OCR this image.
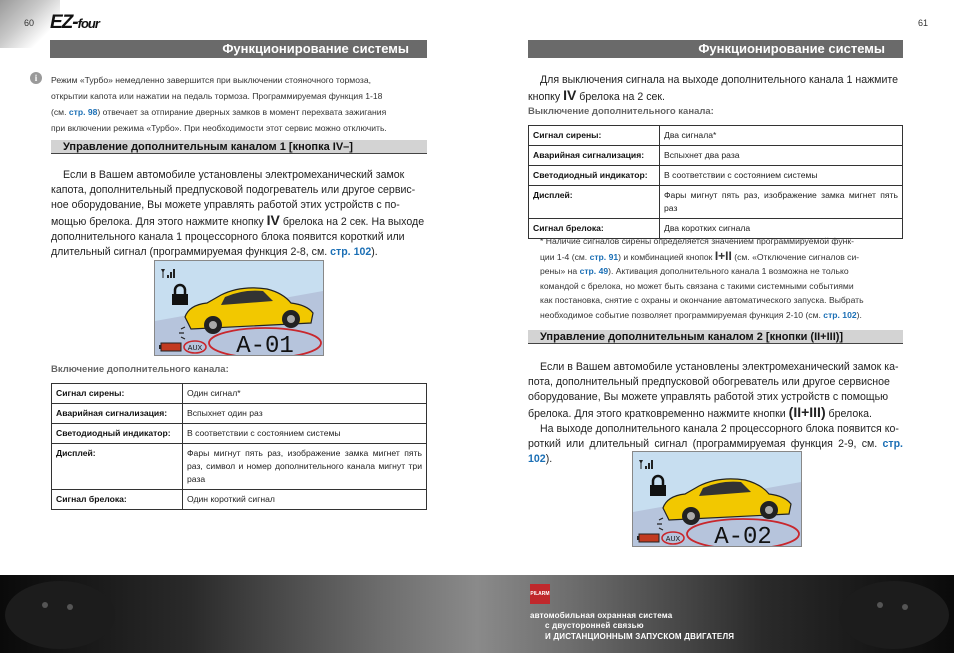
60 EZ-four
Функционирование системы
i	Режим «Турбо» немедленно завершится при выключении стояночного тормоза,
открытии капота или нажатии на педаль тормоза. Программируемая функция 1-18
(см. стр. 98) отвечает за отпирание дверных замков в момент перехвата зажигания
при включении режима «Турбо». При необходимости этот сервис можно отключить.
Управление дополнительным каналом 1 [кнопка IV–]
Если в Вашем автомобиле установлены электромеханический замок
капота, дополнительный предпусковой подогреватель или другое сервис-
ное оборудование, Вы можете управлять работой этих устройств с по-
мощью брелока. Для этого нажмите кнопку IV брелока на 2 сек. На выходе
дополнительного канала 1 процессорного блока появится короткий или
длительный сигнал (программируемая функция 2-8, см. стр. 102).
AUX A-01
Включение дополнительного канала:
Сигнал сирены:	Один сигнал*
Аварийная сигнализация:	Вспыхнет один раз
Светодиодный индикатор:	В соответствии с состоянием системы
Дисплей:	Фары мигнут пять раз, изображение замка мигнет пять раз, символ и номер дополнительного канала мигнут три раза
Сигнал брелока:	Один короткий сигнал
61
Функционирование системы
Для выключения сигнала на выходе дополнительного канала 1 нажмите
кнопку IV брелока на 2 сек.
Выключение дополнительного канала:
Сигнал сирены:	Два сигнала*
Аварийная сигнализация:	Вспыхнет два раза
Светодиодный индикатор:	В соответствии с состоянием системы
Дисплей:	Фары мигнут пять раз, изображение замка мигнет пять раз
Сигнал брелока:	Два коротких сигнала
* Наличие сигналов сирены определяется значением программируемой функ-
ции 1-4 (см. стр. 91) и комбинацией кнопок I+II (см. «Отключение сигналов си-
рены» на стр. 49). Активация дополнительного канала 1 возможна не только
командой с брелока, но может быть связана с такими системными событиями
как постановка, снятие с охраны и окончание автоматического запуска. Выбрать
необходимое событие позволяет программируемая функция 2-10 (см. стр. 102).
Управление дополнительным каналом 2 [кнопки (II+III)]
Если в Вашем автомобиле установлены электромеханический замок ка-
пота, дополнительный предпусковой обогреватель или другое сервисное
оборудование, Вы можете управлять работой этих устройств с помощью
брелока. Для этого кратковременно нажмите кнопки (II+III) брелока.
На выходе дополнительного канала 2 процессорного блока появится ко-
роткий или длительный сигнал (программируемая функция 2-9, см. стр. 102).
AUX A-02
PILARM
автомобильная охранная система
с двусторонней связью
И ДИСТАНЦИОННЫМ ЗАПУСКОМ ДВИГАТЕЛЯ
